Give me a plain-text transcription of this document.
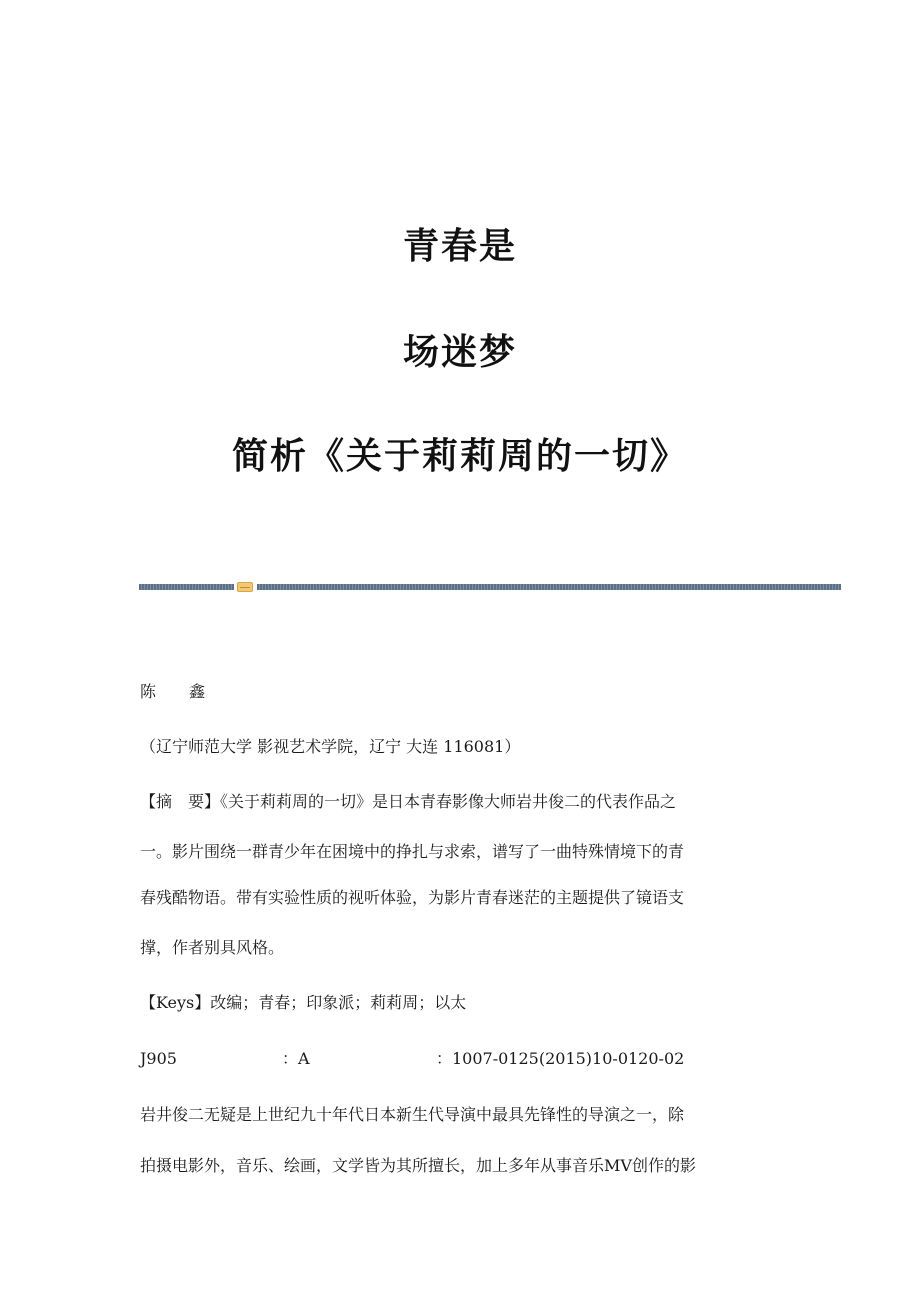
青春是
场迷梦
简析《关于莉莉周的一切》
陈 鑫
（辽宁师范大学 影视艺术学院，辽宁 大连 116081）
【摘　要】《关于莉莉周的一切》是日本青春影像大师岩井俊二的代表作品之
一。影片围绕一群青少年在困境中的挣扎与求索，谱写了一曲特殊情境下的青
春残酷物语。带有实验性质的视听体验，为影片青春迷茫的主题提供了镜语支
撑，作者别具风格。
【Keys】改编；青春；印象派；莉莉周；以太
J905	：A	：1007-0125(2015)10-0120-02
岩井俊二无疑是上世纪九十年代日本新生代导演中最具先锋性的导演之一，除
拍摄电影外，音乐、绘画，文学皆为其所擅长，加上多年从事音乐MV创作的影
